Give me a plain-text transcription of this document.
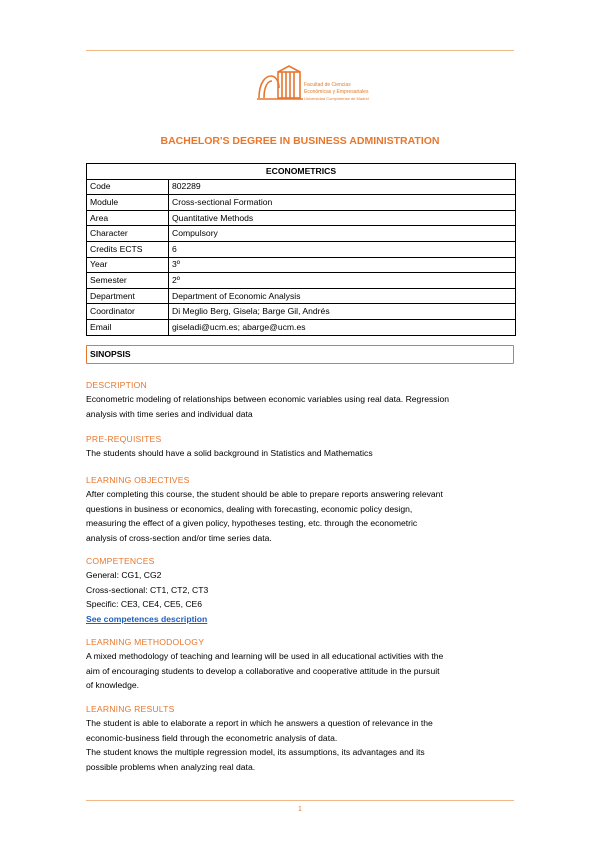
Facultad de Ciencias
Económicas y Empresariales
Universidad Complutense de Madrid
BACHELOR'S DEGREE IN BUSINESS ADMINISTRATION
ECONOMETRICS	
Code	802289
Module	Cross-sectional Formation
Area	Quantitative Methods
Character	Compulsory
Credits ECTS	6
Year	3º
Semester	2º
Department	Department of Economic Analysis
Coordinator	Di Meglio Berg, Gisela; Barge Gil, Andrés
Email	giseladi@ucm.es; abarge@ucm.es
SINOPSIS
DESCRIPTION
Econometric modeling of relationships between economic variables using real data. Regression
analysis with time series and individual data
PRE-REQUISITES
The students should have a solid background in Statistics and Mathematics
LEARNING OBJECTIVES
After completing this course, the student should be able to prepare reports answering relevant
questions in business or economics, dealing with forecasting, economic policy design,
measuring the effect of a given policy, hypotheses testing, etc. through the econometric
analysis of cross-section and/or time series data.
COMPETENCES
General: CG1, CG2
Cross-sectional: CT1, CT2, CT3
Specific: CE3, CE4, CE5, CE6
See competences description
LEARNING METHODOLOGY
A mixed methodology of teaching and learning will be used in all educational activities with the
aim of encouraging students to develop a collaborative and cooperative attitude in the pursuit
of knowledge.
LEARNING RESULTS
The student is able to elaborate a report in which he answers a question of relevance in the
economic-business field through the econometric analysis of data.
The student knows the multiple regression model, its assumptions, its advantages and its
possible problems when analyzing real data.
1
